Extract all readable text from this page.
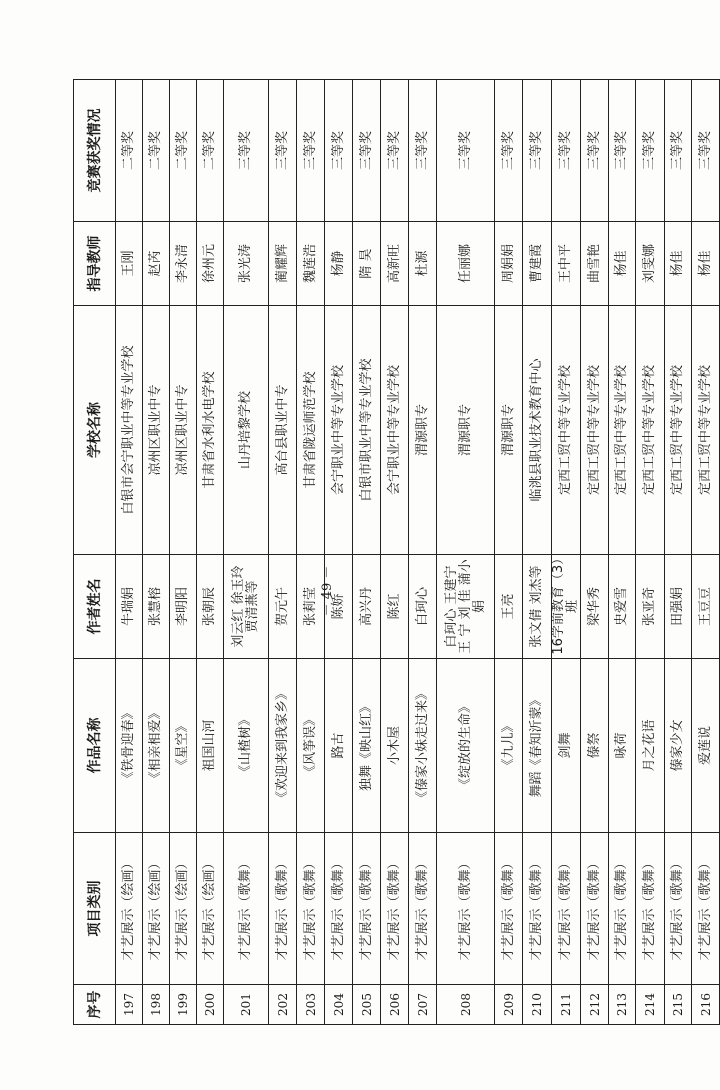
序号	项目类别	作品名称	作者姓名	学校名称	指导教师	竞赛获奖情况
197	才艺展示（绘画）	《铁骨迎春》	牛瑞娟	白银市会宁职业中等专业学校	王刚	二等奖
198	才艺展示（绘画）	《相亲相爱》	张慧榕	凉州区职业中专	赵芮	二等奖
199	才艺展示（绘画）	《星空》	李明阳	凉州区职业中专	李永清	二等奖
200	才艺展示（绘画）	祖国山河	张朝辰	甘肃省水利水电学校	徐州元	二等奖
201	才艺展示（歌舞）	《山楂树》	刘云红 徐玉玲 贾清燕等	山丹培黎学校	张光涛	三等奖
202	才艺展示（歌舞）	《欢迎来到我家乡》	贺元午	高台县职业中专	蔺耀辉	三等奖
203	才艺展示（歌舞）	《风筝误》	张莉莹	甘肃省陇运师范学校	魏莲浩	三等奖
204	才艺展示（歌舞）	路古	陈娇	会宁职业中等专业学校	杨静	三等奖
205	才艺展示（歌舞）	独舞《映山红》	高兴丹	白银市职业中等专业学校	隋 昊	三等奖
206	才艺展示（歌舞）	小木屋	陈红	会宁职业中等专业学校	高新旺	三等奖
207	才艺展示（歌舞）	《傣家小妹走过来》	白珂心	渭源职专	杜源	三等奖
208	才艺展示（歌舞）	《绽放的生命》	白珂心 王建宁 王 宁 刘 佳 蒲小娟	渭源职专	任丽娜	三等奖
209	才艺展示（歌舞）	《九儿》	王亮	渭源职专	周娟娟	三等奖
210	才艺展示（歌舞）	舞蹈《春知沂蒙》	张文倩 刘杰等	临洮县职业技术教育中心	曹建霞	三等奖
211	才艺展示（歌舞）	剑舞	16学前教育（3）班	定西工贸中等专业学校	王中平	三等奖
212	才艺展示（歌舞）	傣祭	梁华秀	定西工贸中等专业学校	曲雪艳	三等奖
213	才艺展示（歌舞）	咏荷	史爱雪	定西工贸中等专业学校	杨佳	三等奖
214	才艺展示（歌舞）	月之花语	张亚奇	定西工贸中等专业学校	刘雯娜	三等奖
215	才艺展示（歌舞）	傣家少女	田强娟	定西工贸中等专业学校	杨佳	三等奖
216	才艺展示（歌舞）	爱莲说	王豆豆	定西工贸中等专业学校	杨佳	三等奖
－ 49 －
